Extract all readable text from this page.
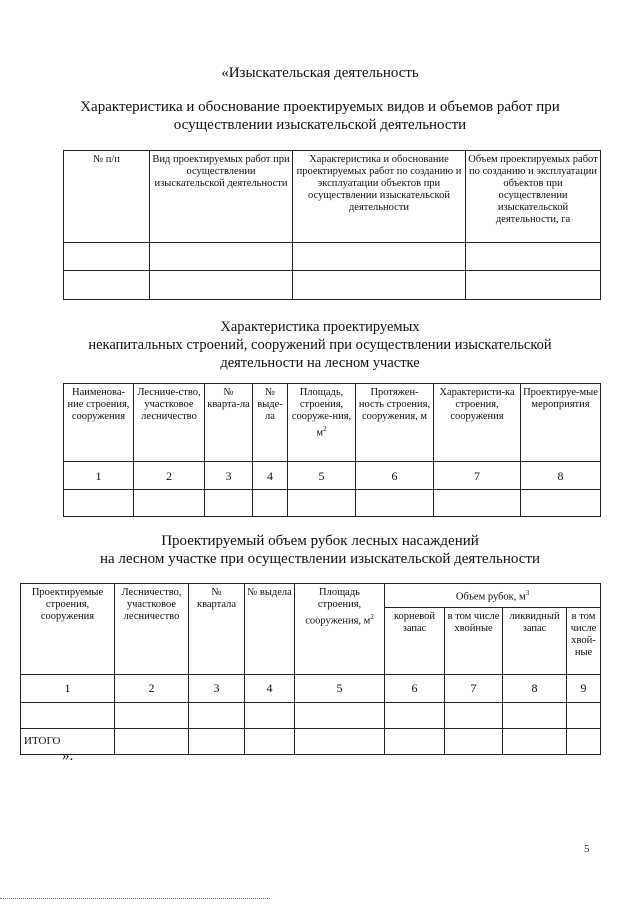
«Изыскательская деятельность
Характеристика и обоснование проектируемых видов и объемов работ при
осуществлении изыскательской деятельности
№ п/п	Вид проектируемых работ при осуществлении изыскательской деятельности	Характеристика и обоснование проектируемых работ по созданию и эксплуатации объектов при осуществлении изыскательской деятельности	Объем проектируемых работ по созданию и эксплуатации объектов при осуществлении изыскательской деятельности, га

Характеристика проектируемых
некапитальных строений, сооружений при осуществлении изыскательской
деятельности на лесном участке
Наименова-ние строения, сооружения	Лесниче-ство, участковое лесничество	№ кварта-ла	№ выде-ла	Площадь, строения, сооруже-ния, $м^2$	Протяжен-ность строения, сооружения, м	Характеристи-ка строения, сооружения	Проектируе-мые мероприятия
1	2	3	4	5	6	7	8

Проектируемый объем рубок лесных насаждений
на лесном участке при осуществлении изыскательской деятельности
Проектируемые строения, сооружения	Лесничество, участковое лесничество	№ квартала	№ выдела	Площадь строения, сооружения, $м^2$	Объем рубок, $м^3$
					корневой запас	в том числе хвойные	ликвидный запас	в том числе хвой-ные
1	2	3	4	5	6	7	8	9

ИТОГО								
».
5
